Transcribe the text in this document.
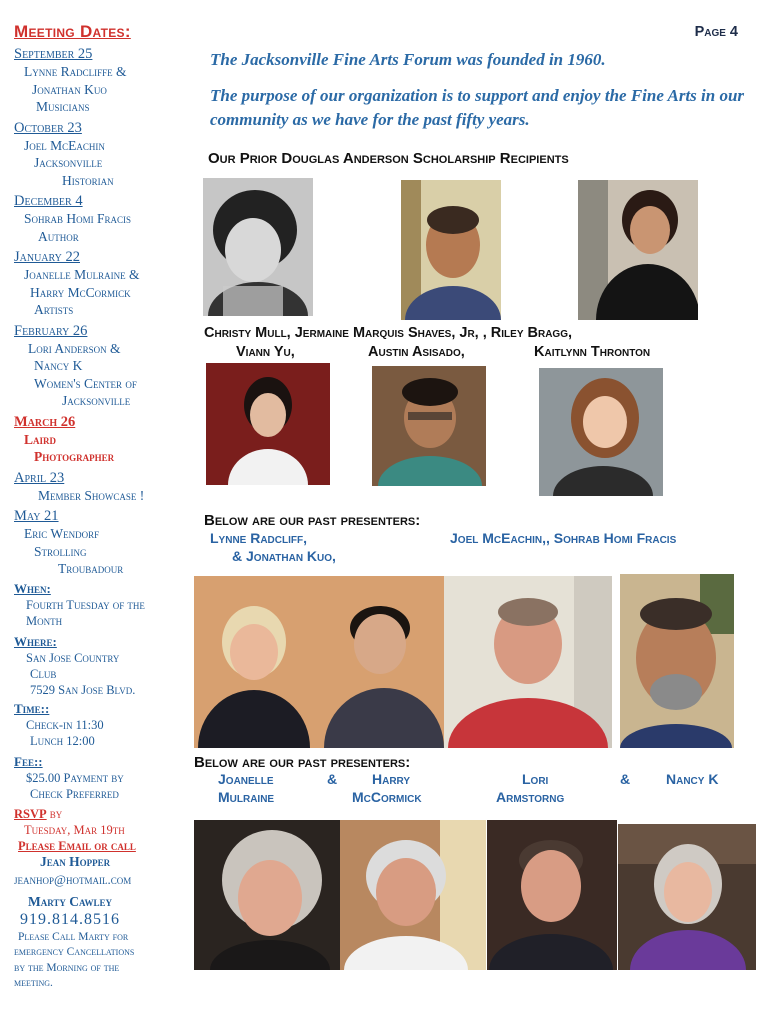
Meeting Dates:
September 25
Lynne Radcliffe &
Jonathan Kuo
Musicians
October 23
Joel McEachin
Jacksonville
Historian
December 4
Sohrab Homi Fracis
Author
January 22
Joanelle Mulraine &
Harry McCormick
Artists
February 26
Lori Anderson &
Nancy K
Women's Center of
Jacksonville
March 26
Laird
Photographer
April 23
Member Showcase !
May 21
Eric Wendorf
Strolling
Troubadour
When:
Fourth Tuesday of the
Month
Where:
San Jose Country
Club
7529 San Jose Blvd.
Time::
Check-in 11:30
Lunch 12:00
Fee::
$25.00 Payment by
Check Preferred
RSVP by
Tuesday, Mar 19th
Please Email or call
Jean Hopper
jeanhop@hotmail.com
Marty Cawley
919.814.8516
Please Call Marty for
emergency Cancellations
by the Morning of the
meeting.
Page 4

The Jacksonville Fine Arts Forum was founded in 1960.

The purpose of our organization is to support and enjoy the Fine Arts in our community as we have for the past fifty years.

Our Prior Douglas Anderson Scholarship Recipients
Christy Mull, Jermaine Marquis Shaves, Jr, , Riley Bragg,
Viann Yu,	Austin Asisado,	Kaitlynn Thronton
Below are our past presenters:
Lynne Radcliff,
& Jonathan Kuo,
Joel McEachin,, Sohrab Homi Fracis
Below are our past presenters:
Joanelle	& Harry	Lori	&	Nancy K
Mulraine	McCormick	Armstorng
